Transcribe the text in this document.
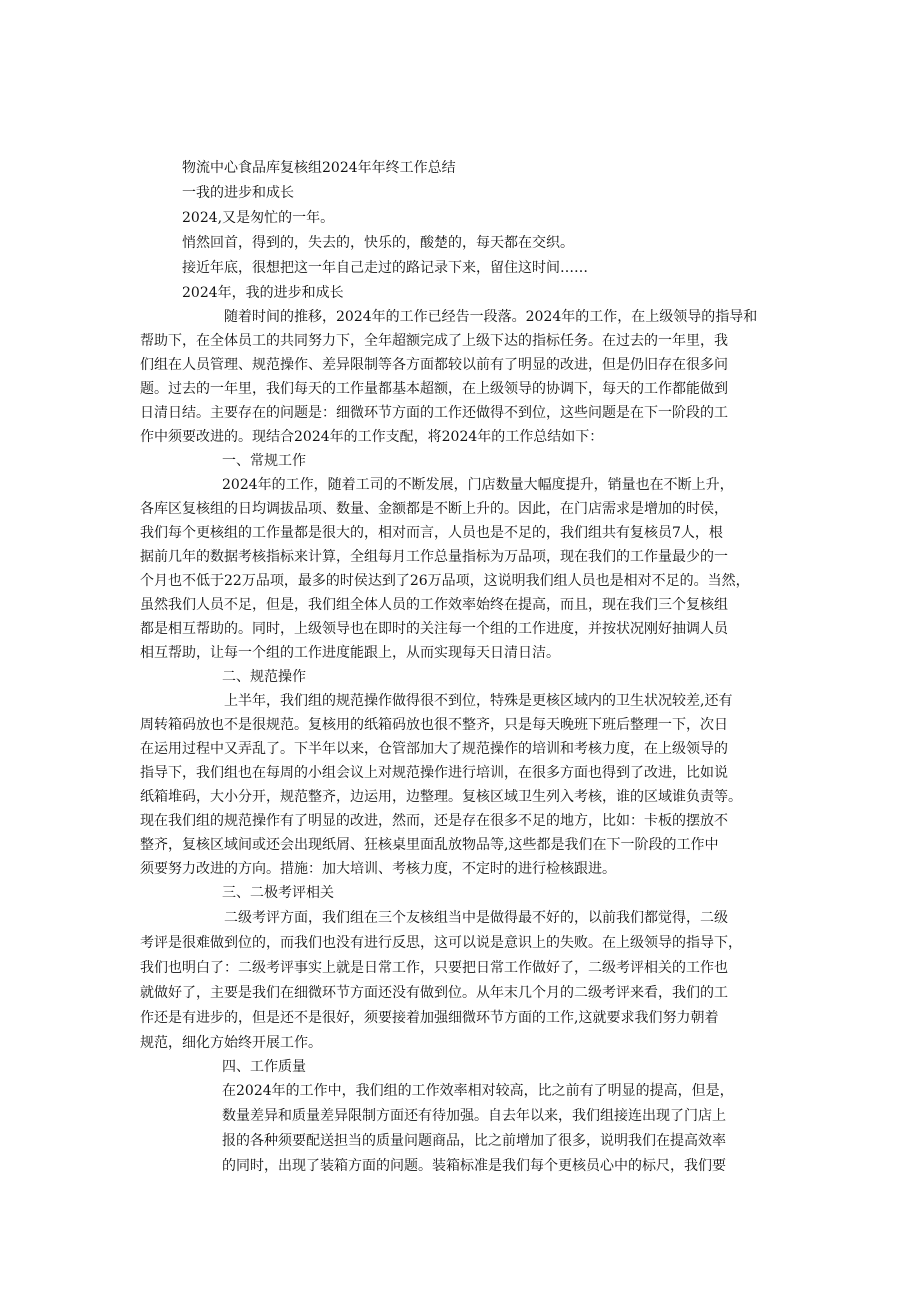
物流中心食品库复核组2024年年终工作总结
一我的进步和成长
2024,又是匆忙的一年。
悄然回首，得到的，失去的，快乐的，酸楚的，每天都在交织。
接近年底，很想把这一年自己走过的路记录下来，留住这时间……
2024年，我的进步和成长
随着时间的推移，2024年的工作已经告一段落。2024年的工作，在上级领导的指导和
帮助下，在全体员工的共同努力下，全年超额完成了上级下达的指标任务。在过去的一年里，我
们组在人员管理、规范操作、差异限制等各方面都较以前有了明显的改进，但是仍旧存在很多问
题。过去的一年里，我们每天的工作量都基本超额，在上级领导的协调下，每天的工作都能做到
日清日结。主要存在的问题是：细微环节方面的工作还做得不到位，这些问题是在下一阶段的工
作中须要改进的。现结合2024年的工作支配，将2024年的工作总结如下：
一、常规工作
2024年的工作，随着工司的不断发展，门店数量大幅度提升，销量也在不断上升，
各库区复核组的日均调拔品项、数量、金额都是不断上升的。因此，在门店需求是增加的时侯，
我们每个更核组的工作量都是很大的，相对而言，人员也是不足的，我们组共有复核员7人，根
据前几年的数据考核指标来计算，全组每月工作总量指标为万品项，现在我们的工作量最少的一
个月也不低于22万品项，最多的时侯达到了26万品项，这说明我们组人员也是相对不足的。当然，
虽然我们人员不足，但是，我们组全体人员的工作效率始终在提高，而且，现在我们三个复核组
都是相互帮助的。同时，上级领导也在即时的关注每一个组的工作进度，并按状况刚好抽调人员
相互帮助，让每一个组的工作进度能跟上，从而实现每天日清日洁。
二、规范操作
上半年，我们组的规范操作做得很不到位，特殊是更核区域内的卫生状况较差,还有
周转箱码放也不是很规范。复核用的纸箱码放也很不整齐，只是每天晚班下班后整理一下，次日
在运用过程中又弄乱了。下半年以来，仓管部加大了规范操作的培训和考核力度，在上级领导的
指导下，我们组也在每周的小组会议上对规范操作进行培训，在很多方面也得到了改进，比如说
纸箱堆码，大小分开，规范整齐，边运用，边整理。复核区域卫生列入考核，谁的区域谁负责等。
现在我们组的规范操作有了明显的改进，然而，还是存在很多不足的地方，比如：卡板的摆放不
整齐，复核区域间或还会出现纸屑、狂核桌里面乱放物品等,这些都是我们在下一阶段的工作中
须要努力改进的方向。措施：加大培训、考核力度，不定时的进行检核跟进。
三、二极考评相关
二级考评方面，我们组在三个友核组当中是做得最不好的，以前我们都觉得，二级
考评是很难做到位的，而我们也没有进行反思，这可以说是意识上的失败。在上级领导的指导下，
我们也明白了：二级考评事实上就是日常工作，只要把日常工作做好了，二级考评相关的工作也
就做好了，主要是我们在细微环节方面还没有做到位。从年末几个月的二级考评来看，我们的工
作还是有进步的，但是还不是很好，须要接着加强细微环节方面的工作,这就要求我们努力朝着
规范，细化方始终开展工作。
四、工作质量
在2024年的工作中，我们组的工作效率相对较高，比之前有了明显的提高，但是，
数量差异和质量差异限制方面还有待加强。自去年以来，我们组接连出现了门店上
报的各种须要配送担当的质量问题商品，比之前增加了很多，说明我们在提高效率
的同时，出现了装箱方面的问题。装箱标准是我们每个更核员心中的标尺，我们要
